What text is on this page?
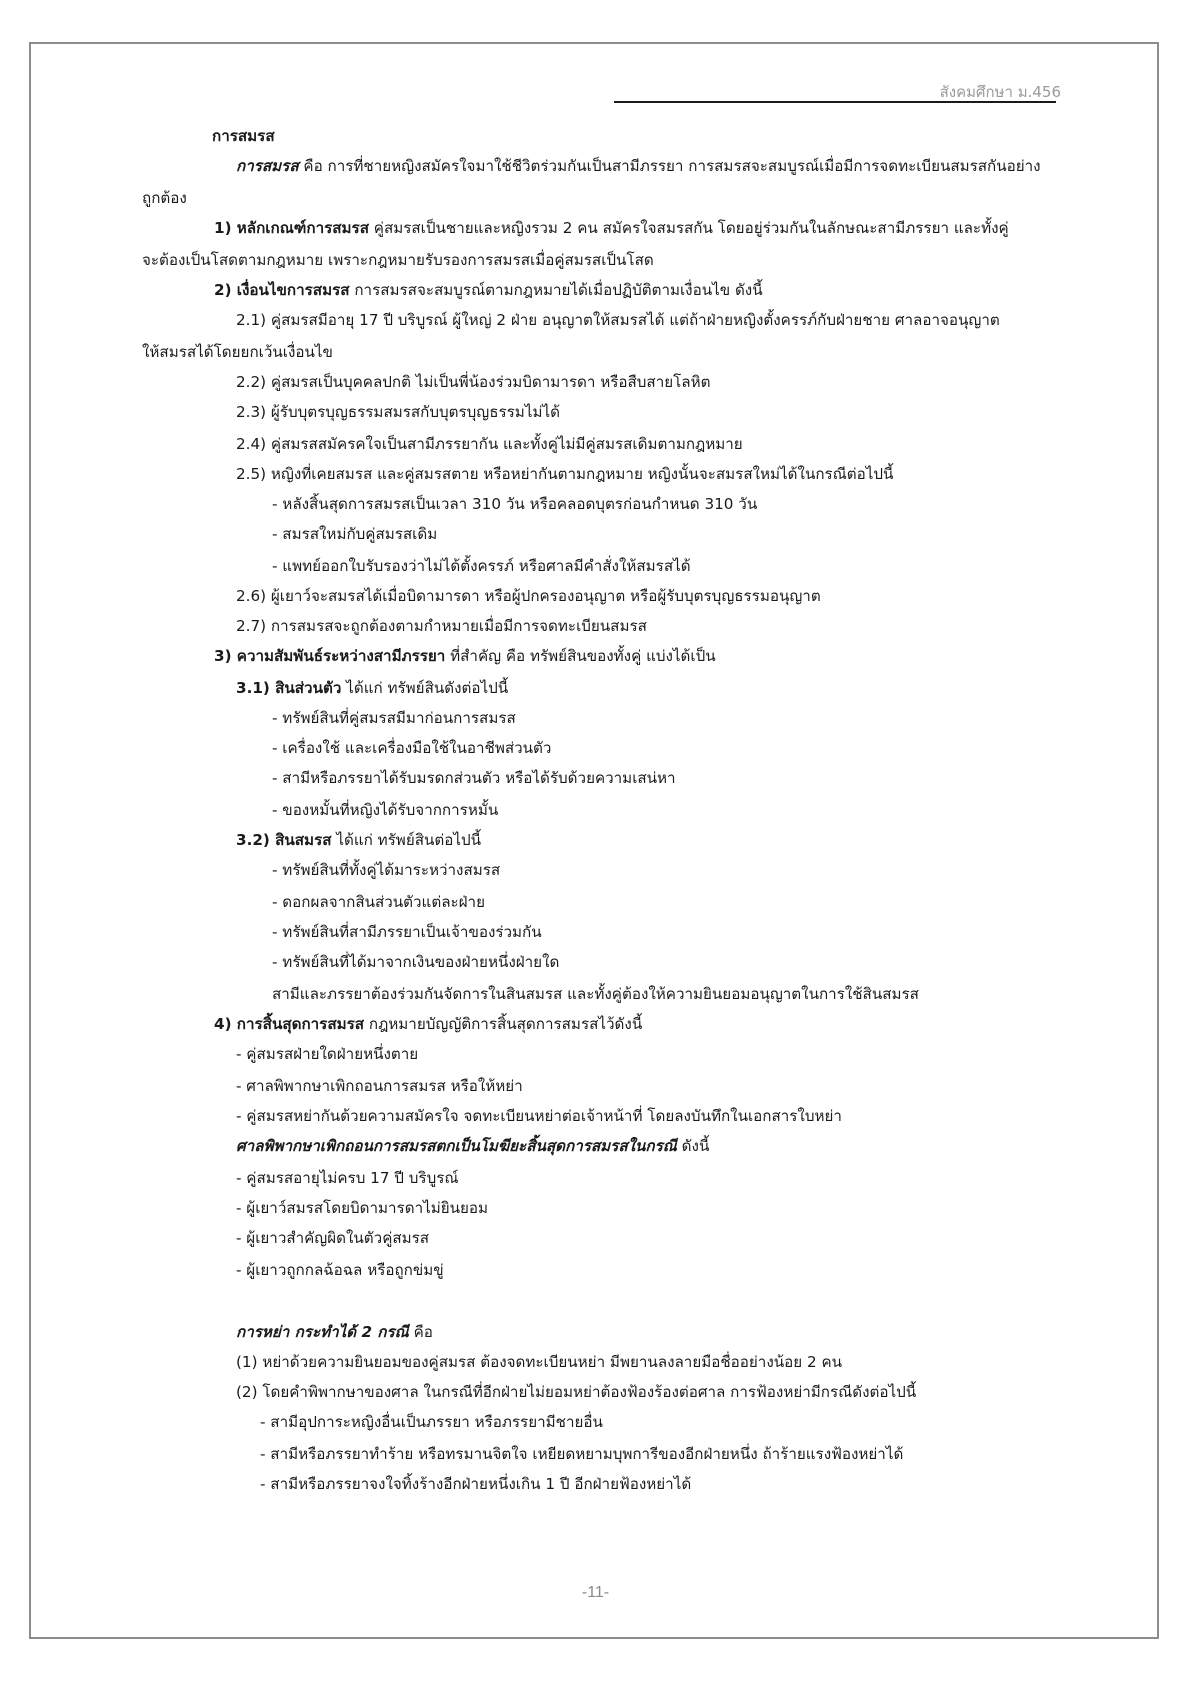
สังคมศึกษา ม.456
การสมรส
การสมรส คือ การที่ชายหญิงสมัครใจมาใช้ชีวิตร่วมกันเป็นสามีภรรยา การสมรสจะสมบูรณ์เมื่อมีการจดทะเบียนสมรสกันอย่าง
ถูกต้อง
1) หลักเกณฑ์การสมรส คู่สมรสเป็นชายและหญิงรวม 2 คน สมัครใจสมรสกัน โดยอยู่ร่วมกันในลักษณะสามีภรรยา และทั้งคู่
จะต้องเป็นโสดตามกฎหมาย เพราะกฎหมายรับรองการสมรสเมื่อคู่สมรสเป็นโสด
2) เงื่อนไขการสมรส การสมรสจะสมบูรณ์ตามกฎหมายได้เมื่อปฏิบัติตามเงื่อนไข ดังนี้
2.1) คู่สมรสมีอายุ 17 ปี บริบูรณ์ ผู้ใหญ่ 2 ฝ่าย อนุญาตให้สมรสได้ แต่ถ้าฝ่ายหญิงตั้งครรภ์กับฝ่ายชาย ศาลอาจอนุญาต
ให้สมรสได้โดยยกเว้นเงื่อนไข
2.2) คู่สมรสเป็นบุคคลปกติ ไม่เป็นพี่น้องร่วมบิดามารดา หรือสืบสายโลหิต
2.3) ผู้รับบุตรบุญธรรมสมรสกับบุตรบุญธรรมไม่ได้
2.4) คู่สมรสสมัครคใจเป็นสามีภรรยากัน และทั้งคู่ไม่มีคู่สมรสเดิมตามกฎหมาย
2.5) หญิงที่เคยสมรส และคู่สมรสตาย หรือหย่ากันตามกฎหมาย หญิงนั้นจะสมรสใหม่ได้ในกรณีต่อไปนี้
- หลังสิ้นสุดการสมรสเป็นเวลา 310 วัน หรือคลอดบุตรก่อนกำหนด 310 วัน
- สมรสใหม่กับคู่สมรสเดิม
- แพทย์ออกใบรับรองว่าไม่ได้ตั้งครรภ์ หรือศาลมีคำสั่งให้สมรสได้
2.6) ผู้เยาว์จะสมรสได้เมื่อบิดามารดา หรือผู้ปกครองอนุญาต หรือผู้รับบุตรบุญธรรมอนุญาต
2.7) การสมรสจะถูกต้องตามกำหมายเมื่อมีการจดทะเบียนสมรส
3) ความสัมพันธ์ระหว่างสามีภรรยา ที่สำคัญ คือ ทรัพย์สินของทั้งคู่ แบ่งได้เป็น
3.1) สินส่วนตัว ได้แก่ ทรัพย์สินดังต่อไปนี้
- ทรัพย์สินที่คู่สมรสมีมาก่อนการสมรส
- เครื่องใช้ และเครื่องมือใช้ในอาชีพส่วนตัว
- สามีหรือภรรยาได้รับมรดกส่วนตัว หรือได้รับด้วยความเสน่หา
- ของหมั้นที่หญิงได้รับจากการหมั้น
3.2) สินสมรส ได้แก่ ทรัพย์สินต่อไปนี้
- ทรัพย์สินที่ทั้งคู่ได้มาระหว่างสมรส
- ดอกผลจากสินส่วนตัวแต่ละฝ่าย
- ทรัพย์สินที่สามีภรรยาเป็นเจ้าของร่วมกัน
- ทรัพย์สินที่ได้มาจากเงินของฝ่ายหนึ่งฝ่ายใด
สามีและภรรยาต้องร่วมกันจัดการในสินสมรส และทั้งคู่ต้องให้ความยินยอมอนุญาตในการใช้สินสมรส
4) การสิ้นสุดการสมรส กฎหมายบัญญัติการสิ้นสุดการสมรสไว้ดังนี้
- คู่สมรสฝ่ายใดฝ่ายหนึ่งตาย
- ศาลพิพากษาเพิกถอนการสมรส หรือให้หย่า
- คู่สมรสหย่ากันด้วยความสมัครใจ จดทะเบียนหย่าต่อเจ้าหน้าที่ โดยลงบันทึกในเอกสารใบหย่า
ศาลพิพากษาเพิกถอนการสมรสตกเป็นโมฆียะสิ้นสุดการสมรสในกรณี ดังนี้
- คู่สมรสอายุไม่ครบ 17 ปี บริบูรณ์
- ผู้เยาว์สมรสโดยบิดามารดาไม่ยินยอม
- ผู้เยาวสำคัญผิดในตัวคู่สมรส
- ผู้เยาวถูกกลฉ้อฉล หรือถูกข่มขู่
การหย่า กระทำได้ 2 กรณี คือ
(1) หย่าด้วยความยินยอมของคู่สมรส ต้องจดทะเบียนหย่า มีพยานลงลายมือชื่ออย่างน้อย 2 คน
(2) โดยคำพิพากษาของศาล ในกรณีที่อีกฝ่ายไม่ยอมหย่าต้องฟ้องร้องต่อศาล การฟ้องหย่ามีกรณีดังต่อไปนี้
- สามีอุปการะหญิงอื่นเป็นภรรยา หรือภรรยามีชายอื่น
- สามีหรือภรรยาทำร้าย หรือทรมานจิตใจ เหยียดหยามบุพการีของอีกฝ่ายหนึ่ง ถ้าร้ายแรงฟ้องหย่าได้
- สามีหรือภรรยาจงใจทิ้งร้างอีกฝ่ายหนึ่งเกิน 1 ปี อีกฝ่ายฟ้องหย่าได้
-11-
